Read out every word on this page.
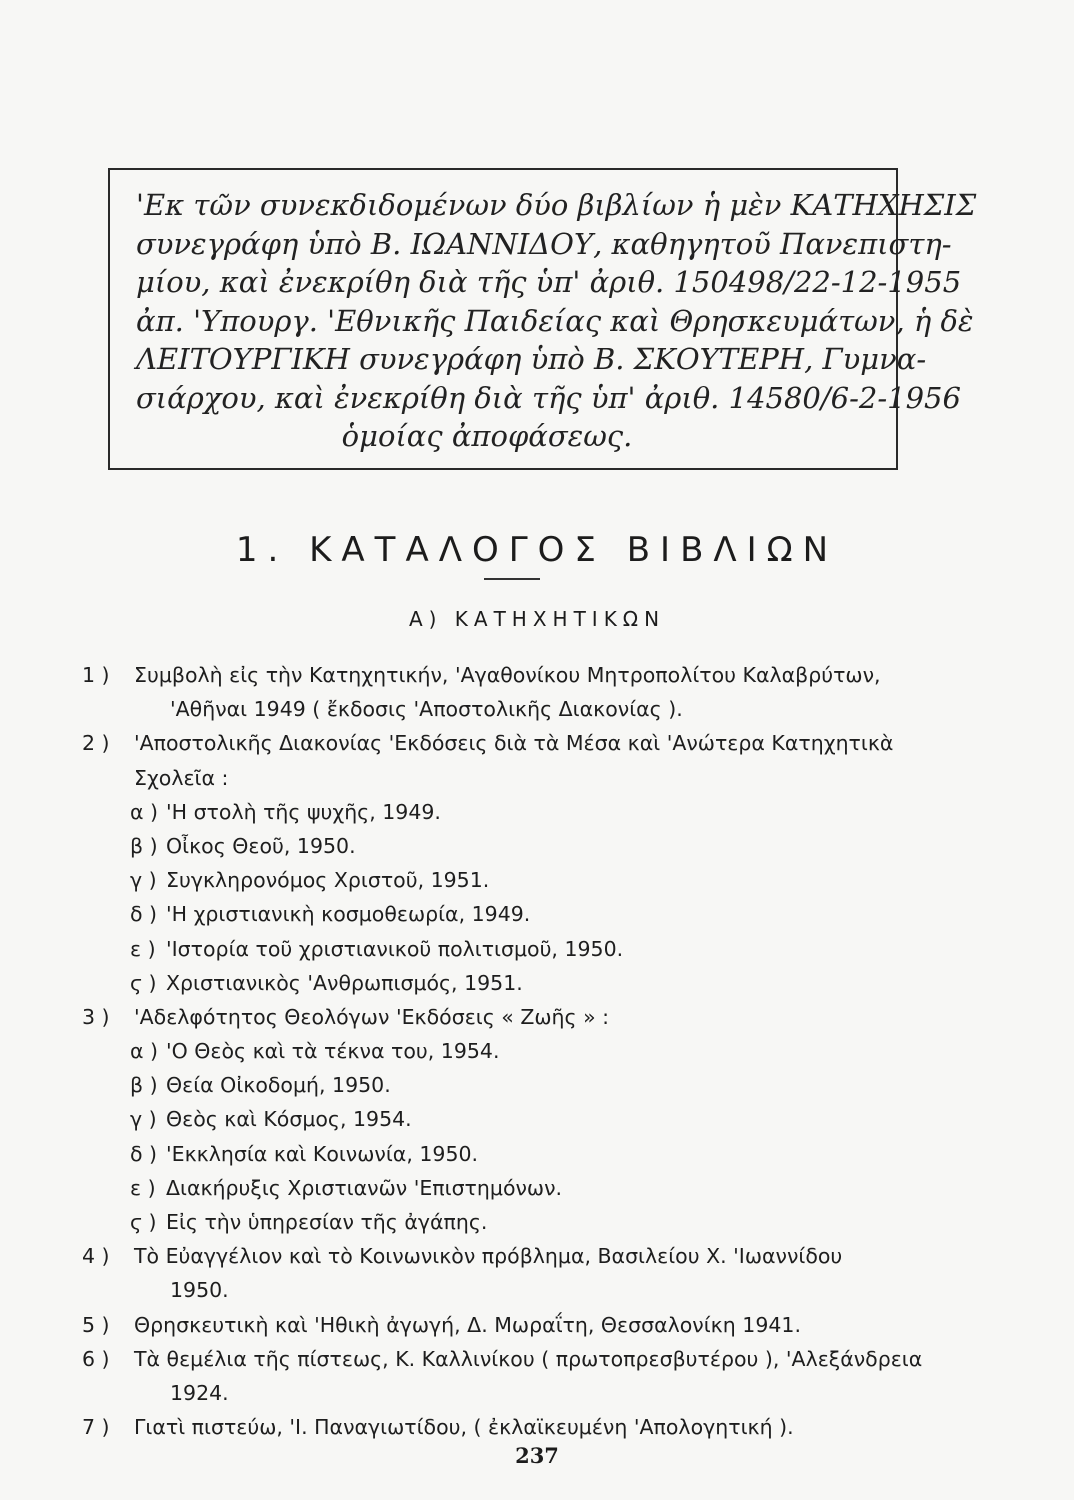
'Εκ τῶν συνεκδιδομένων δύο βιβλίων ἡ μὲν ΚΑΤΗΧΗΣΙΣ
συνεγράφη ὑπὸ Β. ΙΩΑΝΝΙΔΟΥ, καθηγητοῦ Πανεπιστη-
μίου, καὶ ἐνεκρίθη διὰ τῆς ὑπ' ἀριθ. 150498/22-12-1955
ἀπ. 'Υπουργ. 'Εθνικῆς Παιδείας καὶ Θρησκευμάτων, ἡ δὲ
ΛΕΙΤΟΥΡΓΙΚΗ συνεγράφη ὑπὸ Β. ΣΚΟΥΤΕΡΗ, Γυμνα-
σιάρχου, καὶ ἐνεκρίθη διὰ τῆς ὑπ' ἀριθ. 14580/6-2-1956
ὁμοίας ἀποφάσεως.
1. ΚΑΤΑΛΟΓΟΣ ΒΙΒΛΙΩΝ
Α) ΚΑΤΗΧΗΤΙΚΩΝ
1 ) Συμβολὴ εἰς τὴν Κατηχητικήν, 'Αγαθονίκου Μητροπολίτου Καλαβρύτων,
'Αθῆναι 1949 ( ἔκδοσις 'Αποστολικῆς Διακονίας ).
2 ) 'Αποστολικῆς Διακονίας 'Εκδόσεις διὰ τὰ Μέσα καὶ 'Ανώτερα Κατηχητικὰ
Σχολεῖα :
α ) 'Η στολὴ τῆς ψυχῆς, 1949.
β ) Οἶκος Θεοῦ, 1950.
γ ) Συγκληρονόμος Χριστοῦ, 1951.
δ ) 'Η χριστιανικὴ κοσμοθεωρία, 1949.
ε ) 'Ιστορία τοῦ χριστιανικοῦ πολιτισμοῦ, 1950.
ϛ ) Χριστιανικὸς 'Ανθρωπισμός, 1951.
3 ) 'Αδελφότητος Θεολόγων 'Εκδόσεις « Ζωῆς » :
α ) 'Ο Θεὸς καὶ τὰ τέκνα του, 1954.
β ) Θεία Οἰκοδομή, 1950.
γ ) Θεὸς καὶ Κόσμος, 1954.
δ ) 'Εκκλησία καὶ Κοινωνία, 1950.
ε ) Διακήρυξις Χριστιανῶν 'Επιστημόνων.
ϛ ) Εἰς τὴν ὑπηρεσίαν τῆς ἀγάπης.
4 ) Τὸ Εὐαγγέλιον καὶ τὸ Κοινωνικὸν πρόβλημα, Βασιλείου Χ. 'Ιωαννίδου
1950.
5 ) Θρησκευτικὴ καὶ 'Ηθικὴ ἀγωγή, Δ. Μωραΐτη, Θεσσαλονίκη 1941.
6 ) Τὰ θεμέλια τῆς πίστεως, Κ. Καλλινίκου ( πρωτοπρεσβυτέρου ), 'Αλεξάνδρεια
1924.
7 ) Γιατὶ πιστεύω, 'Ι. Παναγιωτίδου, ( ἐκλαϊκευμένη 'Απολογητική ).
237
